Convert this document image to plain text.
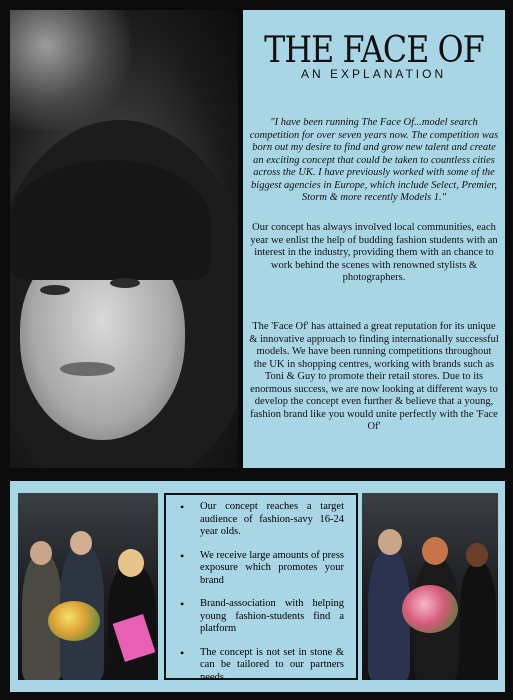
THE FACE OF
AN EXPLANATION

"I have been running The Face Of...model search competition for over seven years now. The competition was born out my desire to find and grow new talent and create an exciting concept that could be taken to countless cities across the UK. I have previously worked with some of the biggest agencies in Europe, which include Select, Premier, Storm & more recently Models 1."

Our concept has always involved local communities, each year we enlist the help of budding fashion students with an interest in the industry, providing them with an chance to work behind the scenes with renowned stylists & photographers.

The 'Face Of' has attained a great reputation for its unique & innovative approach to finding internationally successful models. We have been running competitions throughout the UK in shopping centres, working with brands such as Toni & Guy to promote their retail stores. Due to its enormous success, we are now looking at different ways to develop the concept even further & believe that a young, fashion brand like you would unite perfectly with the 'Face Of'

• Our concept reaches a target audience of fashion-savy 16-24 year olds.
• We receive large amounts of press exposure which promotes your brand
• Brand-association with helping young fashion-students find a platform
• The concept is not set in stone & can be tailored to our partners needs.
